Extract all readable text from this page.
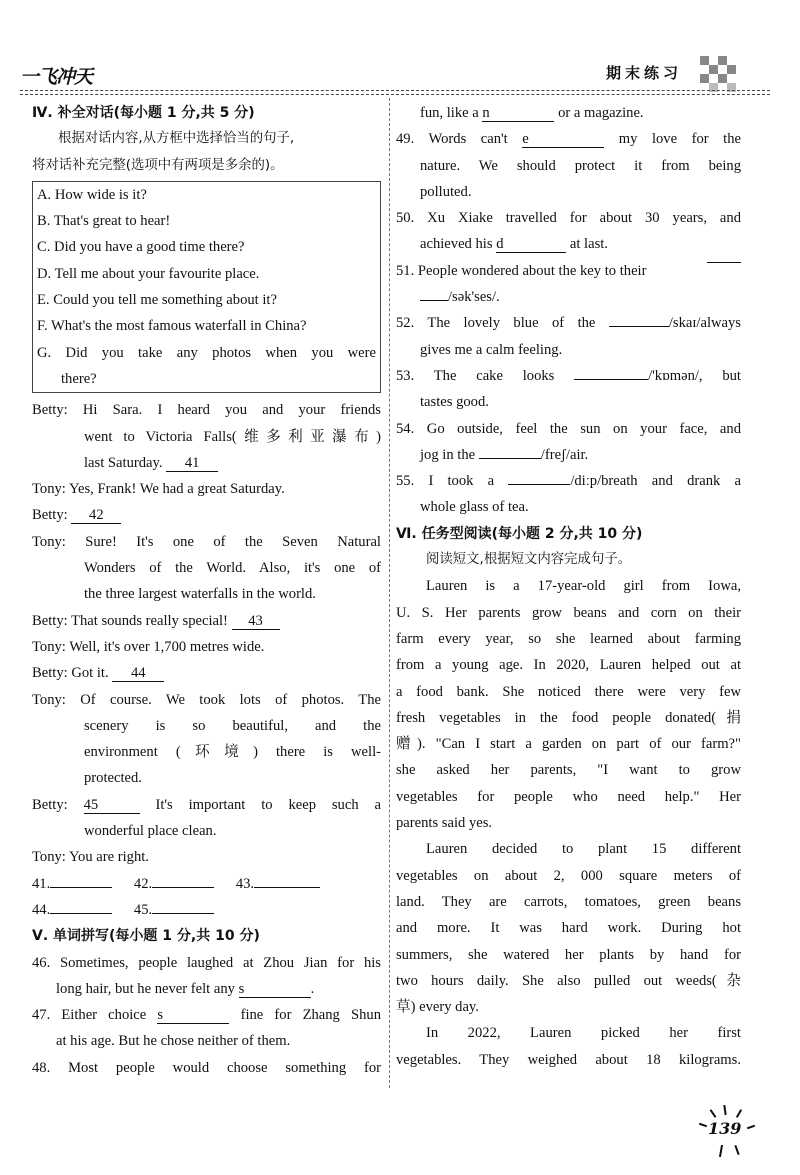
一飞冲天	期末练习
Ⅳ. 补全对话(每小题 1 分,共 5 分)
根据对话内容,从方框中选择恰当的句子,
将对话补充完整(选项中有两项是多余的)。
A. How wide is it?
B. That's great to hear!
C. Did you have a good time there?
D. Tell me about your favourite place.
E. Could you tell me something about it?
F. What's the most famous waterfall in China?
G. Did you take any photos when you were
there?
Betty: Hi Sara. I heard you and your friends
went to Victoria Falls(维多利亚瀑布)
last Saturday. 41
Tony: Yes, Frank! We had a great Saturday.
Betty: 42
Tony: Sure! It's one of the Seven Natural
Wonders of the World. Also, it's one of
the three largest waterfalls in the world.
Betty: That sounds really special! 43
Tony: Well, it's over 1,700 metres wide.
Betty: Got it. 44
Tony: Of course. We took lots of photos. The
scenery is so beautiful, and the
environment (环境) there is well-
protected.
Betty: 45	It's important to keep such a
wonderful place clean.
Tony: You are right.
41.	42.	43.
44.	45.
Ⅴ. 单词拼写(每小题 1 分,共 10 分)
46. Sometimes, people laughed at Zhou Jian for his
long hair, but he never felt any s	.
47. Either choice s	fine for Zhang Shun
at his age. But he chose neither of them.
48. Most people would choose something for
fun, like a n	or a magazine.
49. Words can't e	my love for the
nature. We should protect it from being
polluted.
50. Xu Xiake travelled for about 30 years, and
achieved his d	at last.
51. People wondered about the key to their
/sək'ses/.
52. The lovely blue of the	/skaɪ/always
gives me a calm feeling.
53. The cake looks	/'kɒmən/, but
tastes good.
54. Go outside, feel the sun on your face, and
jog in the	/freʃ/air.
55. I took a	/diːp/breath and drank a
whole glass of tea.
Ⅵ. 任务型阅读(每小题 2 分,共 10 分)
阅读短文,根据短文内容完成句子。
Lauren is a 17-year-old girl from Iowa,
U. S. Her parents grow beans and corn on their
farm every year, so she learned about farming
from a young age. In 2020, Lauren helped out at
a food bank. She noticed there were very few
fresh vegetables in the food people donated(捐
赠). "Can I start a garden on part of our farm?"
she asked her parents, "I want to grow
vegetables for people who need help." Her
parents said yes.
Lauren decided to plant 15 different
vegetables on about 2, 000 square meters of
land. They are carrots, tomatoes, green beans
and more. It was hard work. During hot
summers, she watered her plants by hand for
two hours daily. She also pulled out weeds(杂
草) every day.
In 2022, Lauren picked her first
vegetables. They weighed about 18 kilograms.
139
